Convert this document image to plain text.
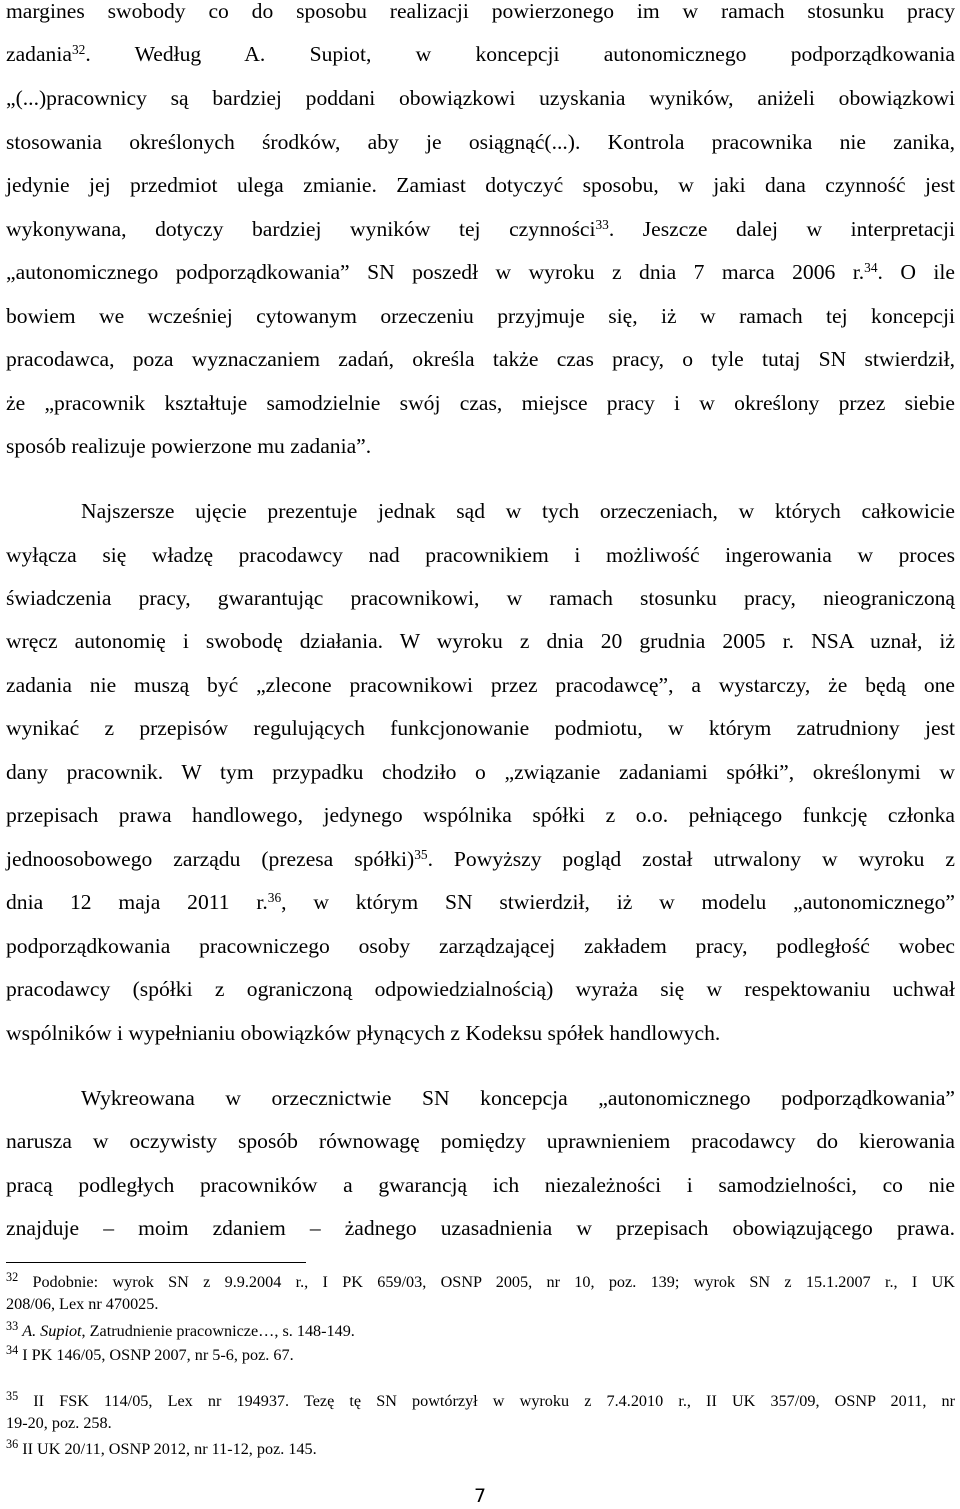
margines swobody co do sposobu realizacji powierzonego im w ramach stosunku pracy
zadania$^{32}$. Według A. Supiot, w koncepcji autonomicznego podporządkowania
„(...)pracownicy są bardziej poddani obowiązkowi uzyskania wyników, aniżeli obowiązkowi
stosowania określonych środków, aby je osiągnąć(...). Kontrola pracownika nie zanika,
jedynie jej przedmiot ulega zmianie. Zamiast dotyczyć sposobu, w jaki dana czynność jest
wykonywana, dotyczy bardziej wyników tej czynności$^{33}$. Jeszcze dalej w interpretacji
„autonomicznego podporządkowania” SN poszedł w wyroku z dnia 7 marca 2006 r.$^{34}$. O ile
bowiem we wcześniej cytowanym orzeczeniu przyjmuje się, iż w ramach tej koncepcji
pracodawca, poza wyznaczaniem zadań, określa także czas pracy, o tyle tutaj SN stwierdził,
że „pracownik kształtuje samodzielnie swój czas, miejsce pracy i w określony przez siebie
sposób realizuje powierzone mu zadania”.
Najszersze ujęcie prezentuje jednak sąd w tych orzeczeniach, w których całkowicie
wyłącza się władzę pracodawcy nad pracownikiem i możliwość ingerowania w proces
świadczenia pracy, gwarantując pracownikowi, w ramach stosunku pracy, nieograniczoną
wręcz autonomię i swobodę działania. W wyroku z dnia 20 grudnia 2005 r. NSA uznał, iż
zadania nie muszą być „zlecone pracownikowi przez pracodawcę”, a wystarczy, że będą one
wynikać z przepisów regulujących funkcjonowanie podmiotu, w którym zatrudniony jest
dany pracownik. W tym przypadku chodziło o „związanie zadaniami spółki”, określonymi w
przepisach prawa handlowego, jedynego wspólnika spółki z o.o. pełniącego funkcję członka
jednoosobowego zarządu (prezesa spółki)$^{35}$. Powyższy pogląd został utrwalony w wyroku z
dnia 12 maja 2011 r.$^{36}$, w którym SN stwierdził, iż w modelu „autonomicznego”
podporządkowania pracowniczego osoby zarządzającej zakładem pracy, podległość wobec
pracodawcy (spółki z ograniczoną odpowiedzialnością) wyraża się w respektowaniu uchwał
wspólników i wypełnianiu obowiązków płynących z Kodeksu spółek handlowych.
Wykreowana w orzecznictwie SN koncepcja „autonomicznego podporządkowania”
narusza w oczywisty sposób równowagę pomiędzy uprawnieniem pracodawcy do kierowania
pracą podległych pracowników a gwarancją ich niezależności i samodzielności, co nie
znajduje – moim zdaniem – żadnego uzasadnienia w przepisach obowiązującego prawa.
$^{32}$ Podobnie: wyrok SN z 9.9.2004 r., I PK 659/03, OSNP 2005, nr 10, poz. 139; wyrok SN z 15.1.2007 r., I UK
208/06, Lex nr 470025.
$^{33}$ A. Supiot, Zatrudnienie pracownicze…, s. 148-149.
$^{34}$ I PK 146/05, OSNP 2007, nr 5-6, poz. 67.
$^{35}$ II FSK 114/05, Lex nr 194937. Tezę tę SN powtórzył w wyroku z 7.4.2010 r., II UK 357/09, OSNP 2011, nr
19-20, poz. 258.
$^{36}$ II UK 20/11, OSNP 2012, nr 11-12, poz. 145.
7
